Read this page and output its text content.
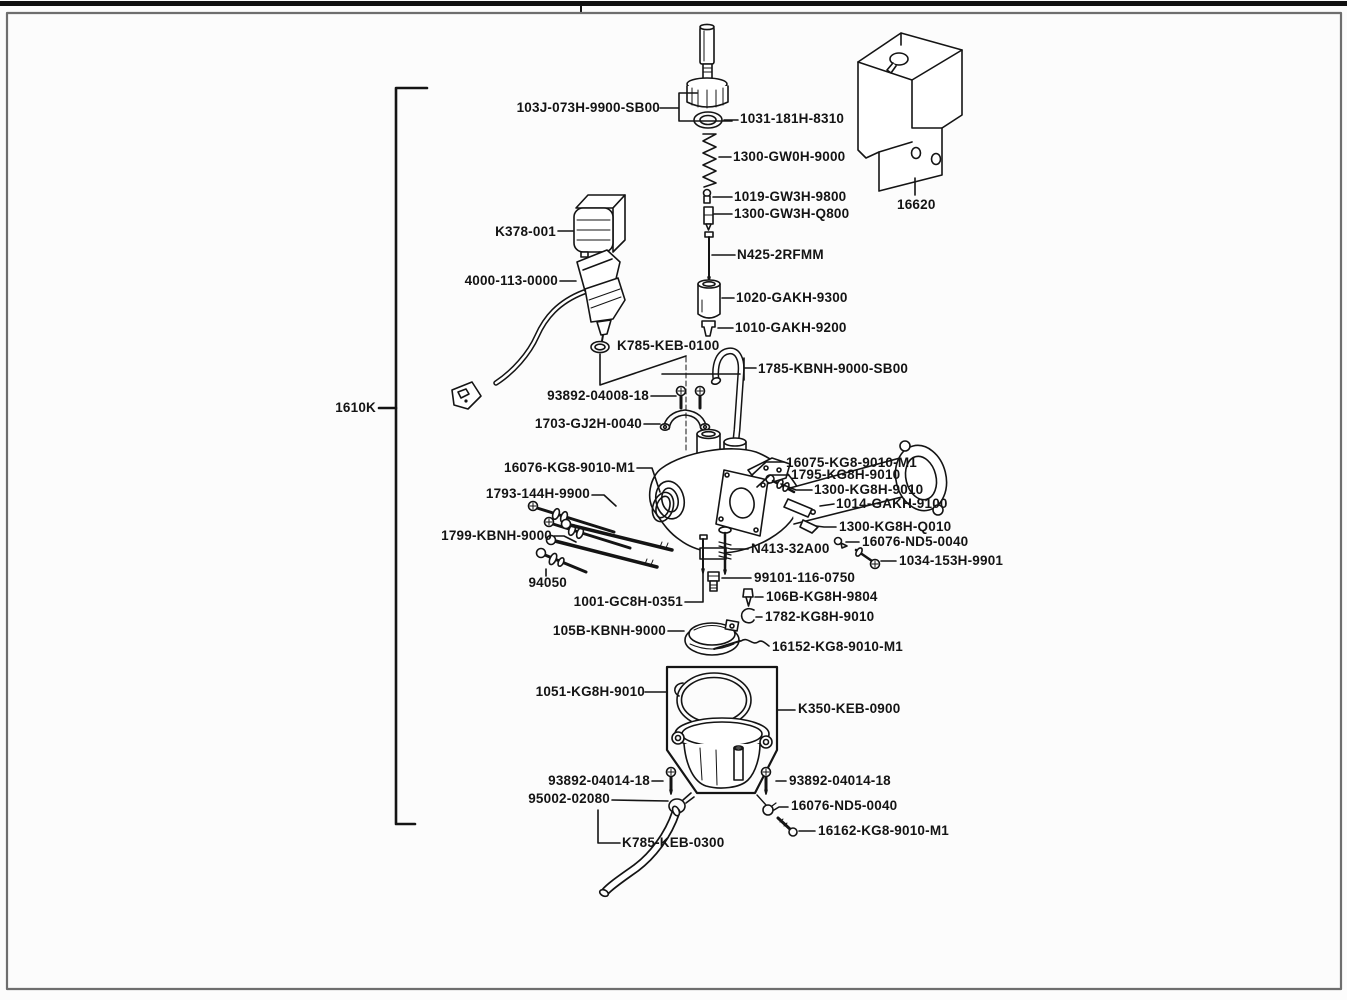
103J-073H-9900-SB00
1031-181H-8310
1300-GW0H-9000
1019-GW3H-9800
1300-GW3H-Q800
N425-2RFMM
1020-GAKH-9300
1010-GAKH-9200
16620
K378-001
4000-113-0000
K785-KEB-0100
1785-KBNH-9000-SB00
93892-04008-18
1703-GJ2H-0040
1610K
16076-KG8-9010-M1	16075-KG8-9010-M1
1795-KG8H-9010
1300-KG8H-9010
1014-GAKH-9100
1793-144H-9900
1300-KG8H-Q010
16076-ND5-0040
1799-KBNH-9000
N413-32A00
1034-153H-9901
94050	99101-116-0750
106B-KG8H-9804
1001-GC8H-0351
1782-KG8H-9010
105B-KBNH-9000
16152-KG8-9010-M1
1051-KG8H-9010
K350-KEB-0900
93892-04014-18	93892-04014-18
95002-02080	16076-ND5-0040
16162-KG8-9010-M1
K785-KEB-0300
